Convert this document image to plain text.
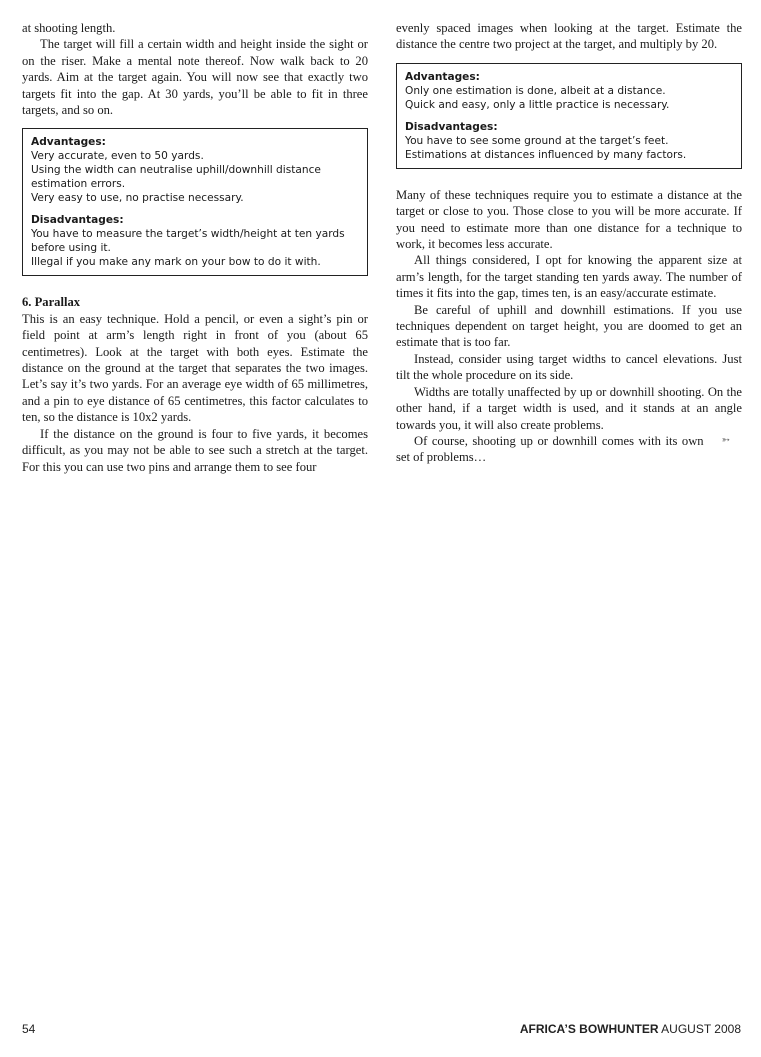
at shooting length.

The target will fill a certain width and height inside the sight or on the riser. Make a mental note thereof. Now walk back to 20 yards. Aim at the target again. You will now see that exactly two targets fit into the gap. At 30 yards, you’ll be able to fit in three targets, and so on.

Advantages:

Very accurate, even to 50 yards.

Using the width can neutralise uphill/downhill distance estimation errors.

Very easy to use, no practise necessary.

Disadvantages:

You have to measure the target’s width/height at ten yards before using it.

Illegal if you make any mark on your bow to do it with.

6. Parallax

This is an easy technique. Hold a pencil, or even a sight’s pin or field point at arm’s length right in front of you (about 65 centimetres). Look at the target with both eyes. Estimate the distance on the ground at the target that separates the two images. Let’s say it’s two yards. For an average eye width of 65 millimetres, and a pin to eye distance of 65 centimetres, this factor calculates to ten, so the distance is 10x2 yards.

If the distance on the ground is four to five yards, it becomes difficult, as you may not be able to see such a stretch at the target. For this you can use two pins and arrange them to see four

evenly spaced images when looking at the target. Estimate the distance the centre two project at the target, and multiply by 20.

Advantages:

Only one estimation is done, albeit at a distance.

Quick and easy, only a little practice is necessary.

Disadvantages:

You have to see some ground at the target’s feet.

Estimations at distances influenced by many factors.

Many of these techniques require you to estimate a distance at the target or close to you. Those close to you will be more accurate. If you need to estimate more than one distance for a technique to work, it becomes less accurate.

All things considered, I opt for knowing the apparent size at arm’s length, for the target standing ten yards away. The number of times it fits into the gap, times ten, is an easy/accurate estimate.

Be careful of uphill and downhill estimations. If you use techniques dependent on target height, you are doomed to get an estimate that is too far.

Instead, consider using target widths to cancel elevations. Just tilt the whole procedure on its side.

Widths are totally unaffected by up or downhill shooting. On the other hand, if a target width is used, and it stands at an angle towards you, it will also create problems.

➳
Of course, shooting up or downhill comes with its own set of problems…

54	AFRICA’S BOWHUNTER AUGUST 2008
